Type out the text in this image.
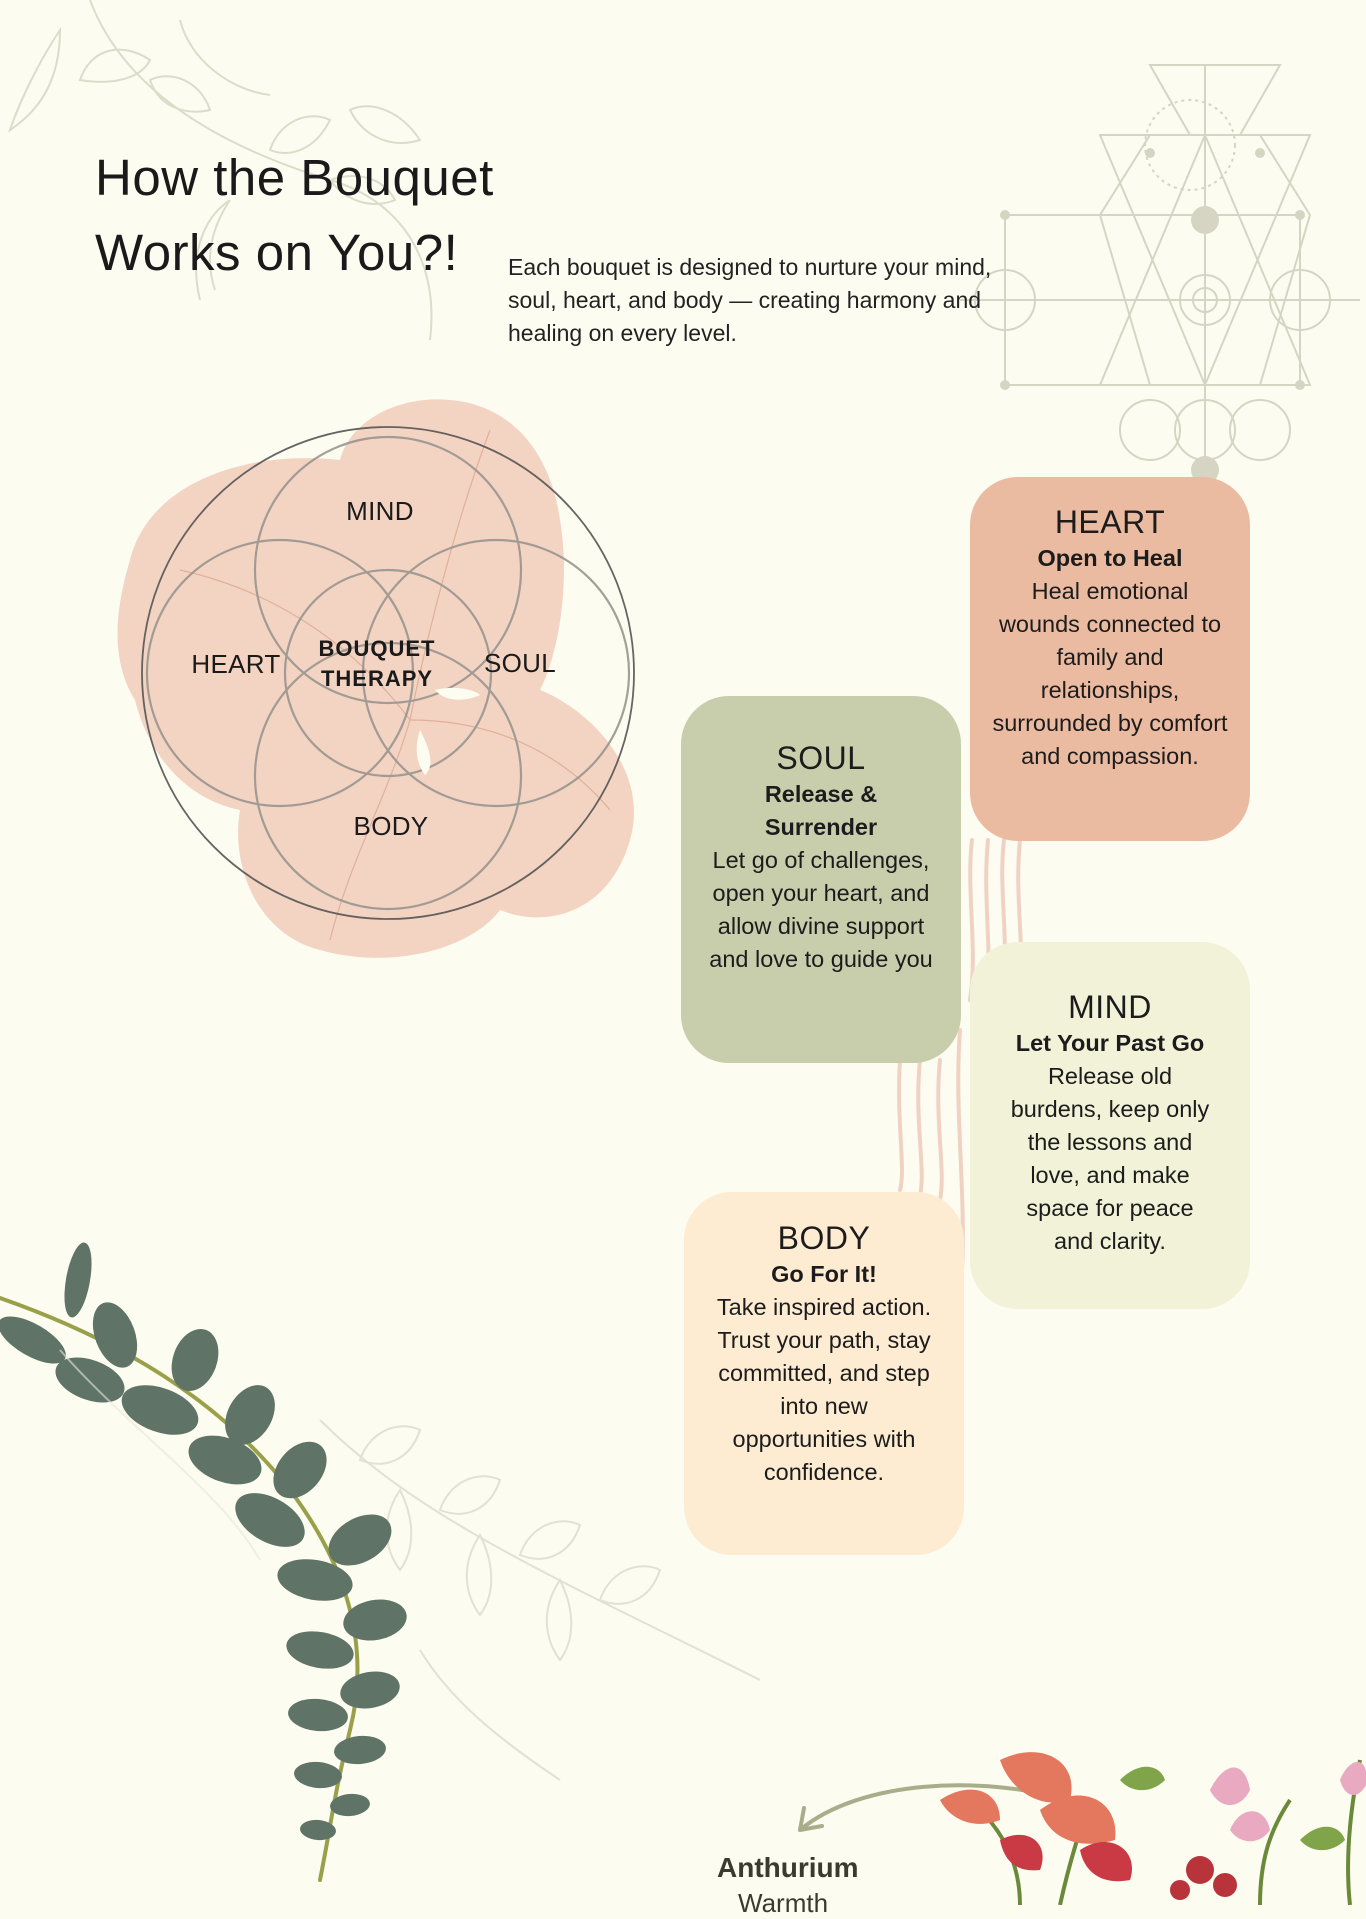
How the Bouquet
Works on You?!	Each bouquet is designed to nurture your mind, soul, heart, and body — creating harmony and healing on every level.

MIND
HEART	SOUL
BODY
BOUQUET
THERAPY
HEART
Open to Heal
Heal emotional wounds connected to family and relationships, surrounded by comfort and compassion.
SOUL
Release & Surrender
Let go of challenges, open your heart, and allow divine support and love to guide you
MIND
Let Your Past Go
Release old burdens, keep only the lessons and love, and make space for peace and clarity.
BODY
Go For It!
Take inspired action. Trust your path, stay committed, and step into new opportunities with confidence.
Anthurium
Warmth
